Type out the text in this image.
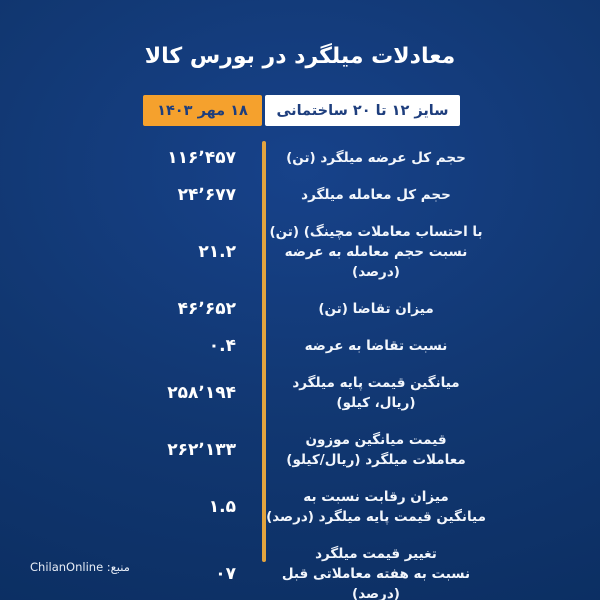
معادلات میلگرد در بورس کالا
سایز ۱۲ تا ۲۰ ساختمانی
۱۸ مهر ۱۴۰۳
حجم کل عرضه میلگرد (تن)
۱۱۶٬۴۵۷
حجم کل معامله میلگرد
۲۴٬۶۷۷
با احتساب معاملات مچینگ) (تن)
نسبت حجم معامله به عرضه (درصد)
۲۱.۲
میزان تقاضا (تن)
۴۶٬۶۵۲
نسبت تقاضا به عرضه
۰.۴
میانگین قیمت پایه میلگرد
(ریال، کیلو)
۲۵۸٬۱۹۴
قیمت میانگین موزون
معاملات میلگرد (ریال/کیلو)
۲۶۲٬۱۳۳
میزان رقابت نسبت به
میانگین قیمت پایه میلگرد (درصد)
۱.۵
تغییر قیمت میلگرد
نسبت به هفته معاملاتی قبل (درصد)
۰۷
منبع: ChilanOnline
